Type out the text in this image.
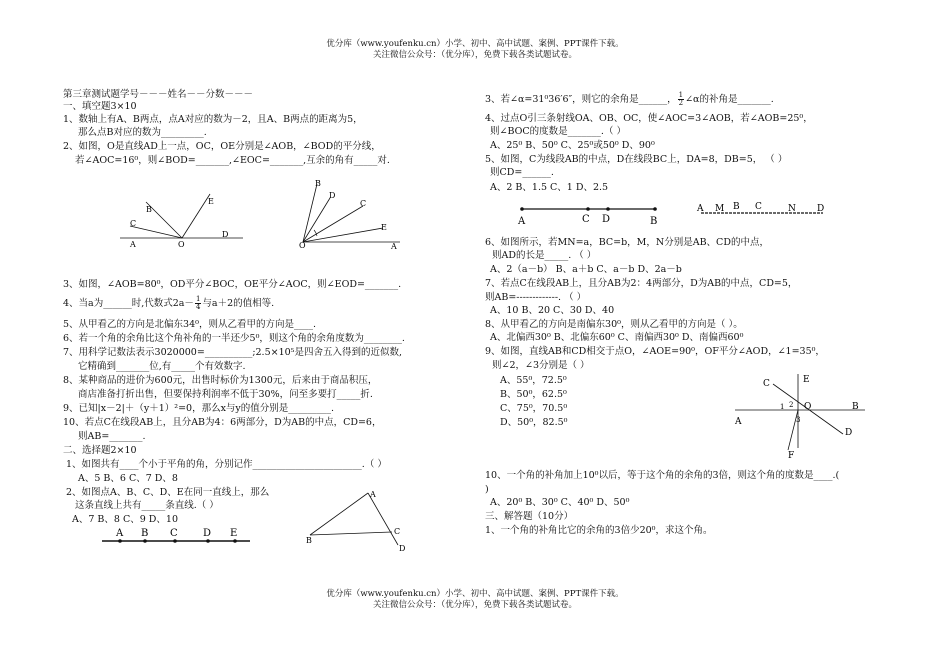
优分库（www.youfenku.cn）小学、初中、高中试题、案例、PPT课件下载。
关注微信公众号：（优分库），免费下载各类试题试卷。
第三章测试题学号－－－姓名－－分数－－－
一、填空题3×10
1、数轴上有A、B两点，点A对应的数为－2，且A、B两点的距离为5，
那么点B对应的数为_________.
2、如图，O是直线AD上一点，OC，OE分别是∠AOB，∠BOD的平分线，
若∠AOC=16⁰，则∠BOD=_______,∠EOC=_______,互余的角有_____对.
A
C
B
O
E
D
B
D
C
E
O	A
3、如图，∠AOB=80⁰，OD平分∠BOC，OE平分∠AOC，则∠EOD=_______.
4、当a为______时,代数式$2a- \frac{1}{4}$ 与a＋2的值相等.
5、从甲看乙的方向是北偏东34⁰，则从乙看甲的方向是____.
6、若一个角的余角比这个角补角的一半还少5⁰，则这个角的余角度数为________.
7、用科学记数法表示3020000=__________;2.5×10⁵是四舍五入得到的近似数,
它精确到_______位,有_____个有效数字.
8、某种商品的进价为600元，出售时标价为1300元，后来由于商品积压，
商店准备打折出售，但要保持利润率不低于30%，问至多要打_____折.
9、已知|x－2|＋（y＋1）²=0，那么x与y的值分别是_________.
10、若点C在线段AB上，且分AB为4：6两部分，D为AB的中点，CD=6，
则AB=_______.
二、选择题2×10
1、如图共有____个小于平角的角，分别记作_______________________.（ ）
A、5 B、6 C、7 D、8
2、如图点A、B、C、D、E在同一直线上，那么
这条直线上共有_____条直线.（ ）
A、7 B、8 C、9 D、10
A B C	D E
A
B
C
D
3、若∠α=31⁰36′6″，则它的余角是______， $\frac{1}{2}$ ∠α的补角是_______.
4、过点O引三条射线OA、OB、OC，使∠AOC=3∠AOB，若∠AOB=25⁰，
则∠BOC的度数是_______.（ ）
A、25⁰ B、50⁰ C、25⁰或50⁰ D、90⁰
5、如图，C为线段AB的中点，D在线段BC上，DA=8，DB=5， （ ）
则CD=______.
A、2 B、1.5 C、1 D、2.5
A	C D	B
A M B C	N D
6、如图所示，若MN=a，BC=b，M，N分别是AB、CD的中点，
则AD的长是_____. （ ）
A、2（a－b） B、a＋b C、a－b D、2a－b
7、若点C在线段AB上，且分AB为2：4两部分，D为AB的中点，CD=5，
则AB=-------------. （ ）
A、10 B、20 C、30 D、40
8、从甲看乙的方向是南偏东30⁰，则从乙看甲的方向是（ ）。
A、北偏西30⁰ B、北偏东60⁰ C、南偏西30⁰ D、南偏西60⁰
9、如图，直线AB和CD相交于点O，∠AOE=90⁰，OF平分∠AOD，∠1=35⁰，
则∠2，∠3分别是（ ）
A、55⁰，72.5⁰
B、50⁰，62.5⁰
C、75⁰，70.5⁰
D、50⁰，82.5⁰
C	E
1 2 O	B
A	3
D
F
10、一个角的补角加上10⁰以后，等于这个角的余角的3倍，则这个角的度数是____.(
)
A、20⁰ B、30⁰ C、40⁰ D、50⁰
三、解答题（10分）
1、一个角的补角比它的余角的3倍少20⁰，求这个角。
优分库（www.youfenku.cn）小学、初中、高中试题、案例、PPT课件下载。
关注微信公众号：（优分库），免费下载各类试题试卷。
